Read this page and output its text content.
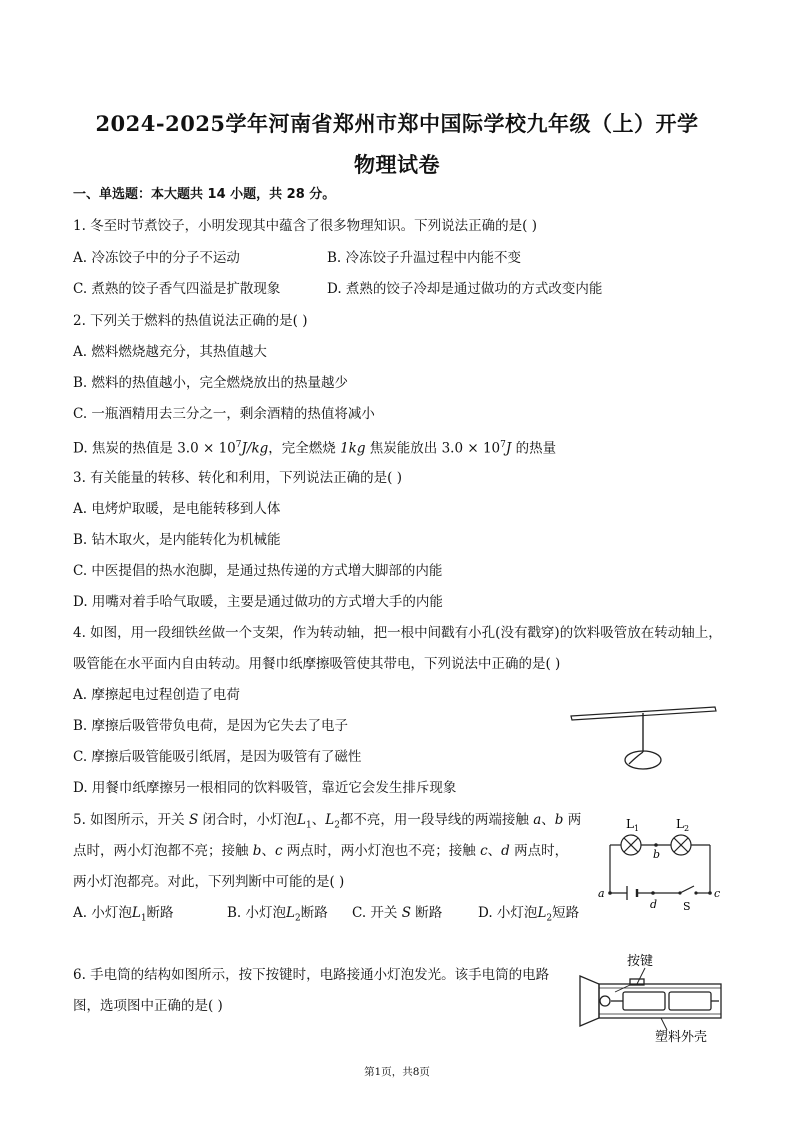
2024-2025学年河南省郑州市郑中国际学校九年级（上）开学
物理试卷
一、单选题：本大题共 14 小题，共 28 分。
1. 冬至时节煮饺子，小明发现其中蕴含了很多物理知识。下列说法正确的是( )
A. 冷冻饺子中的分子不运动	B. 冷冻饺子升温过程中内能不变
C. 煮熟的饺子香气四溢是扩散现象	D. 煮熟的饺子冷却是通过做功的方式改变内能
2. 下列关于燃料的热值说法正确的是( )
A. 燃料燃烧越充分，其热值越大
B. 燃料的热值越小，完全燃烧放出的热量越少
C. 一瓶酒精用去三分之一，剩余酒精的热值将减小
D. 焦炭的热值是 $3.0 \times 10^7J/kg$，完全燃烧 1kg 焦炭能放出 $3.0 \times 10^7J$ 的热量
3. 有关能量的转移、转化和利用，下列说法正确的是( )
A. 电烤炉取暖，是电能转移到人体
B. 钻木取火，是内能转化为机械能
C. 中医提倡的热水泡脚，是通过热传递的方式增大脚部的内能
D. 用嘴对着手哈气取暖，主要是通过做功的方式增大手的内能
4. 如图，用一段细铁丝做一个支架，作为转动轴，把一根中间戳有小孔(没有戳穿)的饮料吸管放在转动轴上，
吸管能在水平面内自由转动。用餐巾纸摩擦吸管使其带电，下列说法中正确的是( )
A. 摩擦起电过程创造了电荷
B. 摩擦后吸管带负电荷，是因为它失去了电子
C. 摩擦后吸管能吸引纸屑，是因为吸管有了磁性
D. 用餐巾纸摩擦另一根相同的饮料吸管，靠近它会发生排斥现象
5. 如图所示，开关 S 闭合时，小灯泡$L_1$、$L_2$都不亮，用一段导线的两端接触 a、b 两
点时，两小灯泡都不亮；接触 b、c 两点时，两小灯泡也不亮；接触 c、d 两点时，
两小灯泡都亮。对此，下列判断中可能的是( )
A. 小灯泡$L_1$断路	B. 小灯泡$L_2$断路 C. 开关 S 断路	D. 小灯泡$L_2$短路
$L_1$	$L_2$
b
a
d
c
S
6. 手电筒的结构如图所示，按下按键时，电路接通小灯泡发光。该手电筒的电路
图，选项图中正确的是( )
按键
塑料外壳
第1页，共8页
